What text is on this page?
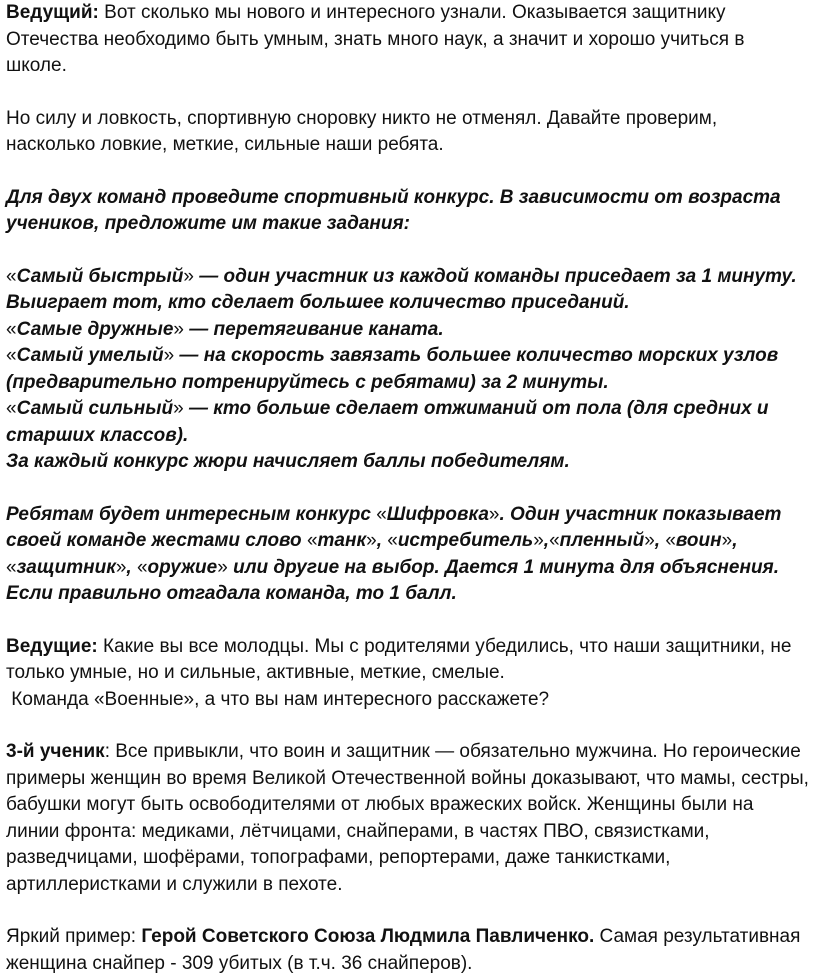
Ведущий: Вот сколько мы нового и интересного узнали. Оказывается защитнику Отечества необходимо быть умным, знать много наук, а значит и хорошо учиться в школе.

Но силу и ловкость, спортивную сноровку никто не отменял. Давайте проверим, насколько ловкие, меткие, сильные наши ребята.

Для двух команд проведите спортивный конкурс. В зависимости от возраста учеников, предложите им такие задания:

«Самый быстрый» — один участник из каждой команды приседает за 1 минуту. Выиграет тот, кто сделает большее количество приседаний.
«Самые дружные» — перетягивание каната.
«Самый умелый» — на скорость завязать большее количество морских узлов (предварительно потренируйтесь с ребятами) за 2 минуты.
«Самый сильный» — кто больше сделает отжиманий от пола (для средних и старших классов).
За каждый конкурс жюри начисляет баллы победителям.

Ребятам будет интересным конкурс «Шифровка». Один участник показывает своей команде жестами слово «танк», «истребитель»,«пленный», «воин», «защитник», «оружие» или другие на выбор. Дается 1 минута для объяснения. Если правильно отгадала команда, то 1 балл.

Ведущие: Какие вы все молодцы. Мы с родителями убедились, что наши защитники, не только умные, но и сильные, активные, меткие, смелые.
Команда «Военные», а что вы нам интересного расскажете?

3-й ученик: Все привыкли, что воин и защитник — обязательно мужчина. Но героические примеры женщин во время Великой Отечественной войны доказывают, что мамы, сестры, бабушки могут быть освободителями от любых вражеских войск. Женщины были на линии фронта: медиками, лётчицами, снайперами, в частях ПВО, связистками, разведчицами, шофёрами, топографами, репортерами, даже танкистками, артиллеристками и служили в пехоте.

Яркий пример: Герой Советского Союза Людмила Павличенко. Самая результативная женщина снайпер - 309 убитых (в т.ч. 36 снайперов).
